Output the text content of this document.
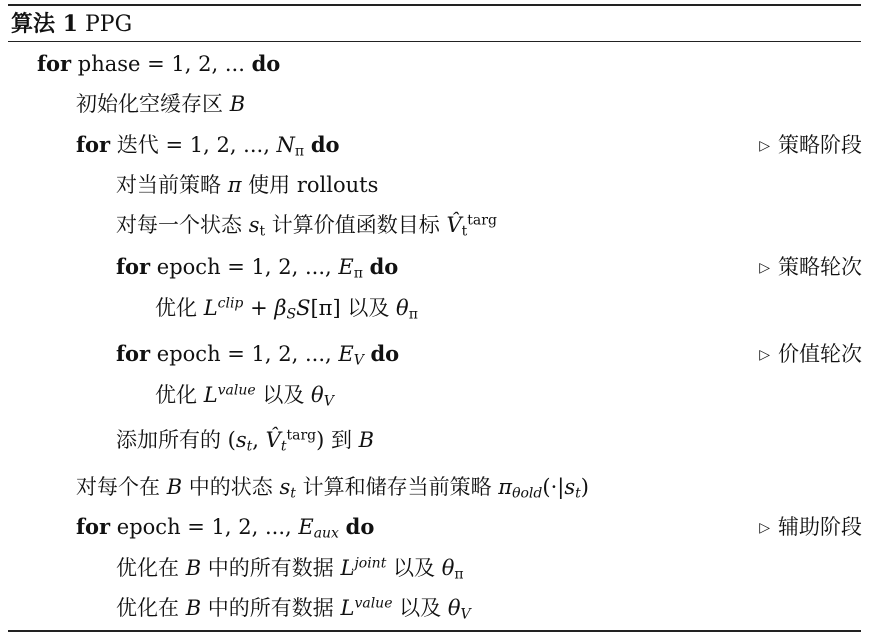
算法 1 PPG
for phase = 1, 2, ... do
初始化空缓存区 B
for 迭代 = 1, 2, ..., $N_\pi$ do	▷ 策略阶段
对当前策略 π 使用 rollouts
对每一个状态 $s_t$ 计算价值函数目标 $V̂_t^{targ}$
for epoch = 1, 2, ..., $E_\pi$ do	▷ 策略轮次
优化 $L^{clip} + \beta_SS[\pi]$ 以及 $\theta_\pi$
for epoch = 1, 2, ..., $E_V$ do	▷ 价值轮次
优化 $L^{value}$ 以及 $\theta_V$
添加所有的 ($s_t$, $V̂_t^{targ}$) 到 B
对每个在 B 中的状态 $s_t$ 计算和储存当前策略 $\pi_{\theta old}(\cdot|s_t)$
for epoch = 1, 2, ..., $E_{aux}$ do	▷ 辅助阶段
优化在 B 中的所有数据 $L^{joint}$ 以及 $\theta_\pi$
优化在 B 中的所有数据 $L^{value}$ 以及 $\theta_V$
